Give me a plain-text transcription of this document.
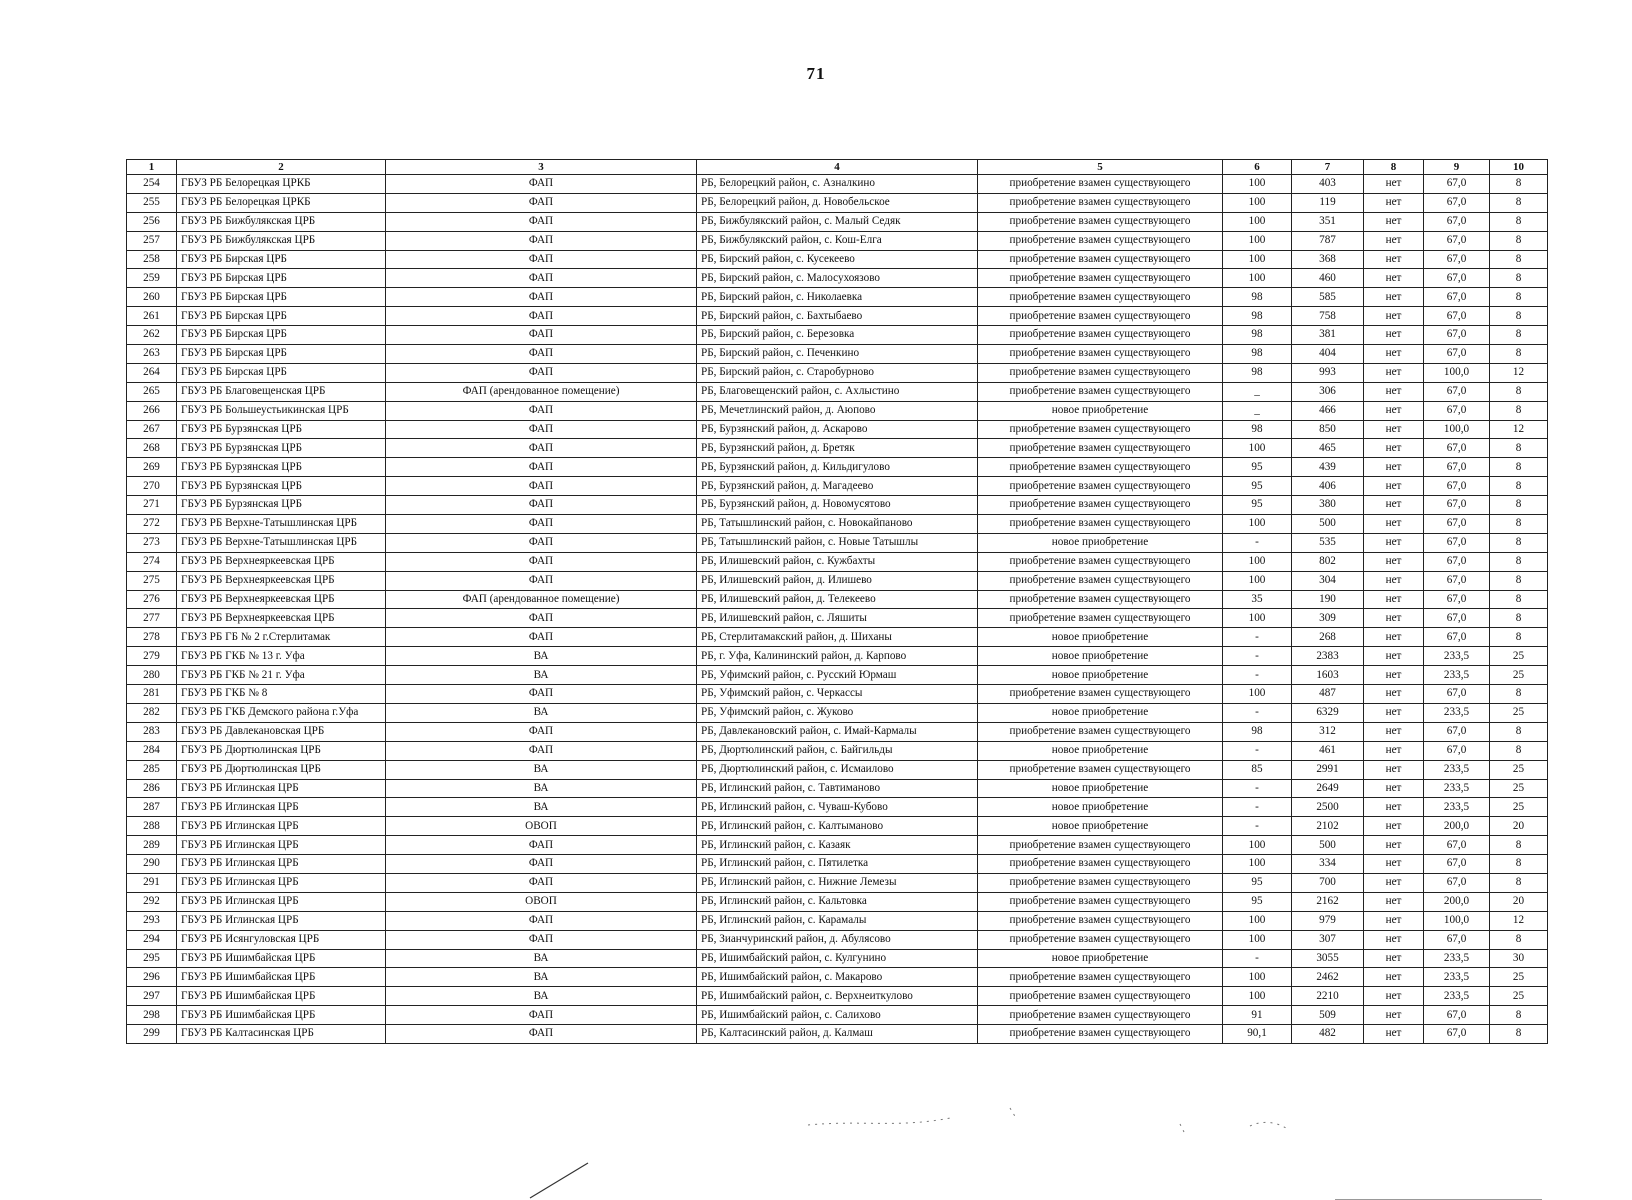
71
1	2	3	4	5	6	7	8	9	10
254	ГБУЗ РБ Белорецкая ЦРКБ	ФАП	РБ, Белорецкий район, с. Азналкино	приобретение взамен существующего	100	403	нет	67,0	8
255	ГБУЗ РБ Белорецкая ЦРКБ	ФАП	РБ, Белорецкий район, д. Новобельское	приобретение взамен существующего	100	119	нет	67,0	8
256	ГБУЗ РБ Бижбулякская ЦРБ	ФАП	РБ, Бижбулякский район, с. Малый Седяк	приобретение взамен существующего	100	351	нет	67,0	8
257	ГБУЗ РБ Бижбулякская ЦРБ	ФАП	РБ, Бижбулякский район, с. Кош-Елга	приобретение взамен существующего	100	787	нет	67,0	8
258	ГБУЗ РБ Бирская ЦРБ	ФАП	РБ, Бирский район, с. Кусекеево	приобретение взамен существующего	100	368	нет	67,0	8
259	ГБУЗ РБ Бирская ЦРБ	ФАП	РБ, Бирский район, с. Малосухоязово	приобретение взамен существующего	100	460	нет	67,0	8
260	ГБУЗ РБ Бирская ЦРБ	ФАП	РБ, Бирский район, с. Николаевка	приобретение взамен существующего	98	585	нет	67,0	8
261	ГБУЗ РБ Бирская ЦРБ	ФАП	РБ, Бирский район, с. Бахтыбаево	приобретение взамен существующего	98	758	нет	67,0	8
262	ГБУЗ РБ Бирская ЦРБ	ФАП	РБ, Бирский район, с. Березовка	приобретение взамен существующего	98	381	нет	67,0	8
263	ГБУЗ РБ Бирская ЦРБ	ФАП	РБ, Бирский район, с. Печенкино	приобретение взамен существующего	98	404	нет	67,0	8
264	ГБУЗ РБ Бирская ЦРБ	ФАП	РБ, Бирский район, с. Старобурново	приобретение взамен существующего	98	993	нет	100,0	12
265	ГБУЗ РБ Благовещенская ЦРБ	ФАП (арендованное помещение)	РБ, Благовещенский район, с. Ахлыстино	приобретение взамен существующего	_	306	нет	67,0	8
266	ГБУЗ РБ Большеустьикинская ЦРБ	ФАП	РБ, Мечетлинский район, д. Аюпово	новое приобретение	_	466	нет	67,0	8
267	ГБУЗ РБ Бурзянская ЦРБ	ФАП	РБ, Бурзянский район, д. Аскарово	приобретение взамен существующего	98	850	нет	100,0	12
268	ГБУЗ РБ Бурзянская ЦРБ	ФАП	РБ, Бурзянский район, д. Бретяк	приобретение взамен существующего	100	465	нет	67,0	8
269	ГБУЗ РБ Бурзянская ЦРБ	ФАП	РБ, Бурзянский район, д. Кильдигулово	приобретение взамен существующего	95	439	нет	67,0	8
270	ГБУЗ РБ Бурзянская ЦРБ	ФАП	РБ, Бурзянский район, д. Магадеево	приобретение взамен существующего	95	406	нет	67,0	8
271	ГБУЗ РБ Бурзянская ЦРБ	ФАП	РБ, Бурзянский район, д. Новомусятово	приобретение взамен существующего	95	380	нет	67,0	8
272	ГБУЗ РБ Верхне-Татышлинская ЦРБ	ФАП	РБ, Татышлинский район, с. Новокайпаново	приобретение взамен существующего	100	500	нет	67,0	8
273	ГБУЗ РБ Верхне-Татышлинская ЦРБ	ФАП	РБ, Татышлинский район, с. Новые Татышлы	новое приобретение	-	535	нет	67,0	8
274	ГБУЗ РБ Верхнеяркеевская ЦРБ	ФАП	РБ, Илишевский район, с. Кужбахты	приобретение взамен существующего	100	802	нет	67,0	8
275	ГБУЗ РБ Верхнеяркеевская ЦРБ	ФАП	РБ, Илишевский район, д. Илишево	приобретение взамен существующего	100	304	нет	67,0	8
276	ГБУЗ РБ Верхнеяркеевская ЦРБ	ФАП (арендованное помещение)	РБ, Илишевский район, д. Телекеево	приобретение взамен существующего	35	190	нет	67,0	8
277	ГБУЗ РБ Верхнеяркеевская ЦРБ	ФАП	РБ, Илишевский район, с. Ляшиты	приобретение взамен существующего	100	309	нет	67,0	8
278	ГБУЗ РБ ГБ № 2 г.Стерлитамак	ФАП	РБ, Стерлитамакский район, д. Шиханы	новое приобретение	-	268	нет	67,0	8
279	ГБУЗ РБ ГКБ № 13 г. Уфа	ВА	РБ, г. Уфа, Калининский район, д. Карпово	новое приобретение	-	2383	нет	233,5	25
280	ГБУЗ РБ ГКБ № 21 г. Уфа	ВА	РБ, Уфимский район, с. Русский Юрмаш	новое приобретение	-	1603	нет	233,5	25
281	ГБУЗ РБ ГКБ № 8	ФАП	РБ, Уфимский район, с. Черкассы	приобретение взамен существующего	100	487	нет	67,0	8
282	ГБУЗ РБ ГКБ Демского района г.Уфа	ВА	РБ, Уфимский район, с. Жуково	новое приобретение	-	6329	нет	233,5	25
283	ГБУЗ РБ Давлекановская ЦРБ	ФАП	РБ, Давлекановский район, с. Имай-Кармалы	приобретение взамен существующего	98	312	нет	67,0	8
284	ГБУЗ РБ Дюртюлинская ЦРБ	ФАП	РБ, Дюртюлинский район, с. Байгильды	новое приобретение	-	461	нет	67,0	8
285	ГБУЗ РБ Дюртюлинская ЦРБ	ВА	РБ, Дюртюлинский район, с. Исмаилово	приобретение взамен существующего	85	2991	нет	233,5	25
286	ГБУЗ РБ Иглинская ЦРБ	ВА	РБ, Иглинский район, с. Тавтиманово	новое приобретение	-	2649	нет	233,5	25
287	ГБУЗ РБ Иглинская ЦРБ	ВА	РБ, Иглинский район, с. Чуваш-Кубово	новое приобретение	-	2500	нет	233,5	25
288	ГБУЗ РБ Иглинская ЦРБ	ОВОП	РБ, Иглинский район, с. Калтыманово	новое приобретение	-	2102	нет	200,0	20
289	ГБУЗ РБ Иглинская ЦРБ	ФАП	РБ, Иглинский район, с. Казаяк	приобретение взамен существующего	100	500	нет	67,0	8
290	ГБУЗ РБ Иглинская ЦРБ	ФАП	РБ, Иглинский район, с. Пятилетка	приобретение взамен существующего	100	334	нет	67,0	8
291	ГБУЗ РБ Иглинская ЦРБ	ФАП	РБ, Иглинский район, с. Нижние Лемезы	приобретение взамен существующего	95	700	нет	67,0	8
292	ГБУЗ РБ Иглинская ЦРБ	ОВОП	РБ, Иглинский район, с. Кальтовка	приобретение взамен существующего	95	2162	нет	200,0	20
293	ГБУЗ РБ Иглинская ЦРБ	ФАП	РБ, Иглинский район, с. Карамалы	приобретение взамен существующего	100	979	нет	100,0	12
294	ГБУЗ РБ Исянгуловская ЦРБ	ФАП	РБ, Зианчуринский район, д. Абулясово	приобретение взамен существующего	100	307	нет	67,0	8
295	ГБУЗ РБ Ишимбайская ЦРБ	ВА	РБ, Ишимбайский район, с. Кулгунино	новое приобретение	-	3055	нет	233,5	30
296	ГБУЗ РБ Ишимбайская ЦРБ	ВА	РБ, Ишимбайский район, с. Макарово	приобретение взамен существующего	100	2462	нет	233,5	25
297	ГБУЗ РБ Ишимбайская ЦРБ	ВА	РБ, Ишимбайский район, с. Верхнеиткулово	приобретение взамен существующего	100	2210	нет	233,5	25
298	ГБУЗ РБ Ишимбайская ЦРБ	ФАП	РБ, Ишимбайский район, с. Салихово	приобретение взамен существующего	91	509	нет	67,0	8
299	ГБУЗ РБ Калтасинская ЦРБ	ФАП	РБ, Калтасинский район, д. Калмаш	приобретение взамен существующего	90,1	482	нет	67,0	8
